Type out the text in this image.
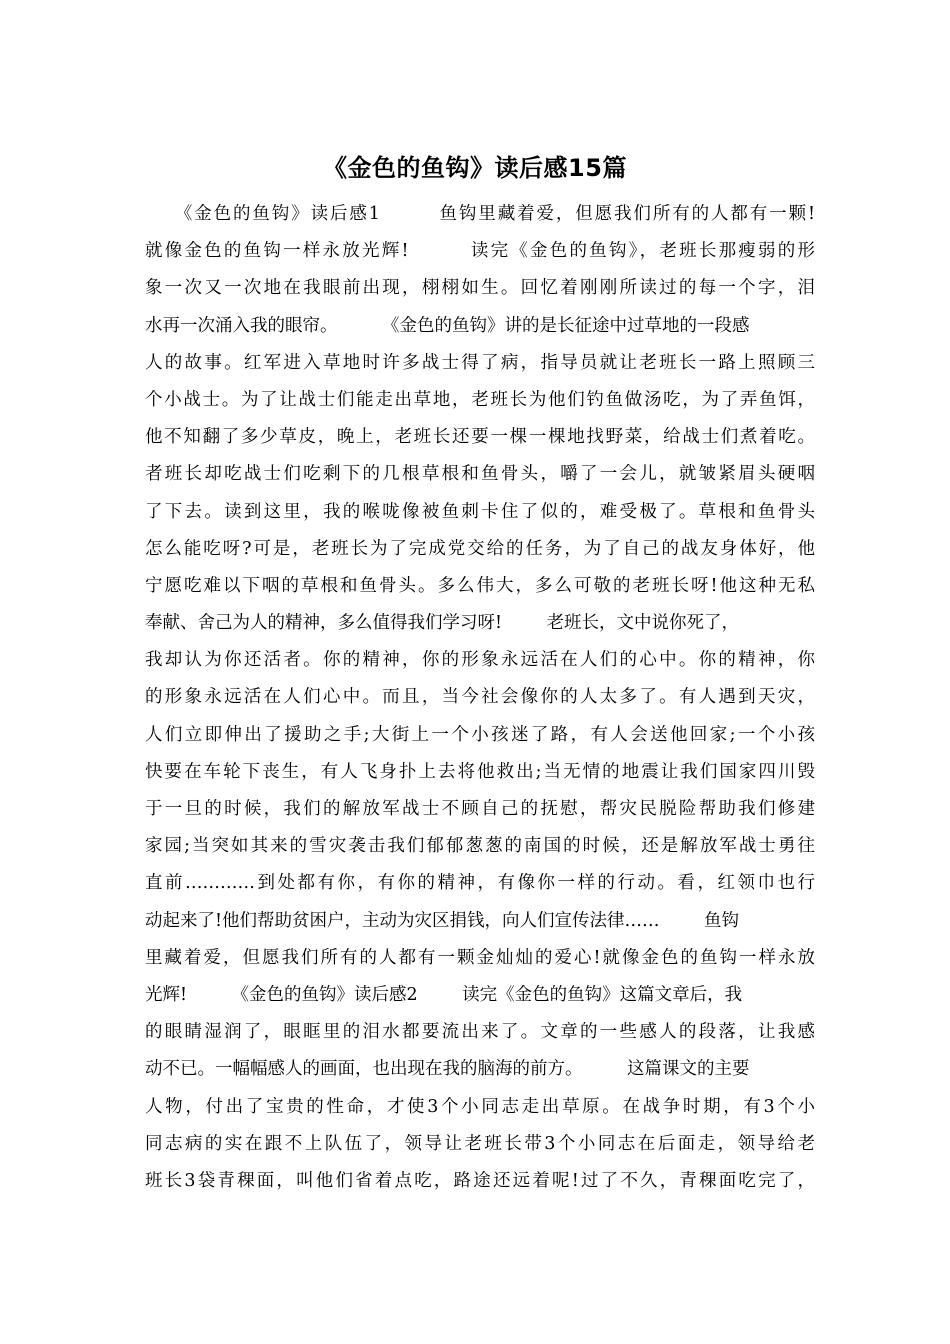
《金色的鱼钩》读后感15篇
《金色的鱼钩》读后感1        鱼钩里藏着爱，但愿我们所有的人都有一颗!
就像金色的鱼钩一样永放光辉!        读完《金色的鱼钩》，老班长那瘦弱的形
象一次又一次地在我眼前出现，栩栩如生。回忆着刚刚所读过的每一个字，泪
水再一次涌入我的眼帘。        《金色的鱼钩》讲的是长征途中过草地的一段感
人的故事。红军进入草地时许多战士得了病，指导员就让老班长一路上照顾三
个小战士。为了让战士们能走出草地，老班长为他们钓鱼做汤吃，为了弄鱼饵，
他不知翻了多少草皮，晚上，老班长还要一棵一棵地找野菜，给战士们煮着吃。
者班长却吃战士们吃剩下的几根草根和鱼骨头，嚼了一会儿，就皱紧眉头硬咽
了下去。读到这里，我的喉咙像被鱼刺卡住了似的，难受极了。草根和鱼骨头
怎么能吃呀?可是，老班长为了完成党交给的任务，为了自己的战友身体好，他
宁愿吃难以下咽的草根和鱼骨头。多么伟大，多么可敬的老班长呀!他这种无私
奉献、舍己为人的精神，多么值得我们学习呀!        老班长，文中说你死了，
我却认为你还活者。你的精神，你的形象永远活在人们的心中。你的精神，你
的形象永远活在人们心中。而且，当今社会像你的人太多了。有人遇到天灾，
人们立即伸出了援助之手;大街上一个小孩迷了路，有人会送他回家;一个小孩
快要在车轮下丧生，有人飞身扑上去将他救出;当无情的地震让我们国家四川毁
于一旦的时候，我们的解放军战士不顾自己的抚慰，帮灾民脱险帮助我们修建
家园;当突如其来的雪灾袭击我们郁郁葱葱的南国的时候，还是解放军战士勇往
直前…………到处都有你，有你的精神，有像你一样的行动。看，红领巾也行
动起来了!他们帮助贫困户，主动为灾区捐钱，向人们宣传法律……        鱼钩
里藏着爱，但愿我们所有的人都有一颗金灿灿的爱心!就像金色的鱼钩一样永放
光辉!        《金色的鱼钩》读后感2        读完《金色的鱼钩》这篇文章后，我
的眼睛湿润了，眼眶里的泪水都要流出来了。文章的一些感人的段落，让我感
动不已。一幅幅感人的画面，也出现在我的脑海的前方。        这篇课文的主要
人物，付出了宝贵的性命，才使3个小同志走出草原。在战争时期，有3个小
同志病的实在跟不上队伍了，领导让老班长带3个小同志在后面走，领导给老
班长3袋青稞面，叫他们省着点吃，路途还远着呢!过了不久，青稞面吃完了，
